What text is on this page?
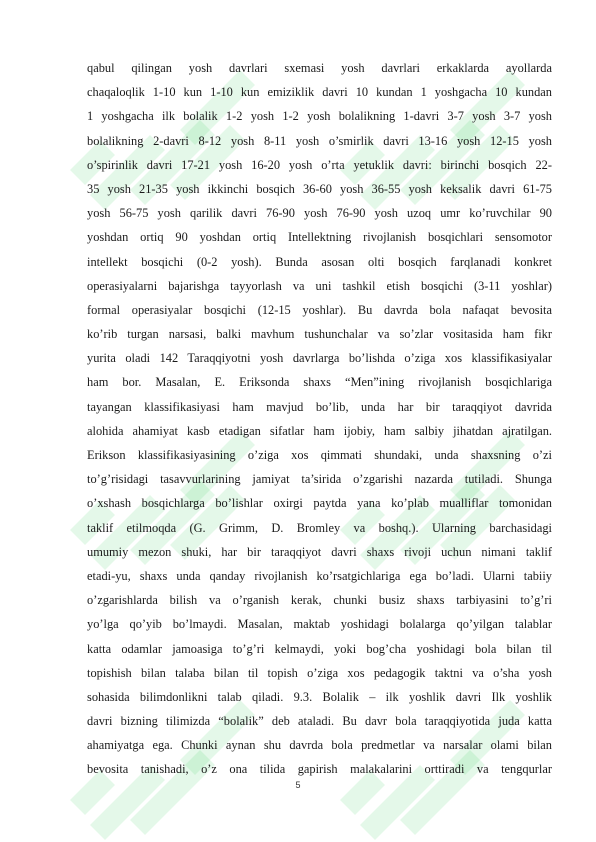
qabul qilingan yosh davrlari sxemasi yosh davrlari erkaklarda ayollarda
chaqaloqlik 1-10 kun 1-10 kun emiziklik davri 10 kundan 1 yoshgacha 10 kundan
1 yoshgacha ilk bolalik 1-2 yosh 1-2 yosh bolalikning 1-davri 3-7 yosh 3-7 yosh
bolalikning 2-davri 8-12 yosh 8-11 yosh o’smirlik davri 13-16 yosh 12-15 yosh
o’spirinlik davri 17-21 yosh 16-20 yosh o’rta yetuklik davri: birinchi bosqich 22-
35 yosh 21-35 yosh ikkinchi bosqich 36-60 yosh 36-55 yosh keksalik davri 61-75
yosh 56-75 yosh qarilik davri 76-90 yosh 76-90 yosh uzoq umr ko’ruvchilar 90
yoshdan ortiq 90 yoshdan ortiq Intellektning rivojlanish bosqichlari sensomotor
intellekt bosqichi (0-2 yosh). Bunda asosan olti bosqich farqlanadi konkret
operasiyalarni bajarishga tayyorlash va uni tashkil etish bosqichi (3-11 yoshlar)
formal operasiyalar bosqichi (12-15 yoshlar). Bu davrda bola nafaqat bevosita
ko’rib turgan narsasi, balki mavhum tushunchalar va so’zlar vositasida ham fikr
yurita oladi 142 Taraqqiyotni yosh davrlarga bo’lishda o’ziga xos klassifikasiyalar
ham bor. Masalan, E. Eriksonda shaxs “Men”ining rivojlanish bosqichlariga
tayangan klassifikasiyasi ham mavjud bo’lib, unda har bir taraqqiyot davrida
alohida ahamiyat kasb etadigan sifatlar ham ijobiy, ham salbiy jihatdan ajratilgan.
Erikson klassifikasiyasining o’ziga xos qimmati shundaki, unda shaxsning o’zi
to’g’risidagi tasavvurlarining jamiyat ta’sirida o’zgarishi nazarda tutiladi. Shunga
o’xshash bosqichlarga bo’lishlar oxirgi paytda yana ko’plab mualliflar tomonidan
taklif etilmoqda (G. Grimm, D. Bromley va boshq.). Ularning barchasidagi
umumiy mezon shuki, har bir taraqqiyot davri shaxs rivoji uchun nimani taklif
etadi-yu, shaxs unda qanday rivojlanish ko’rsatgichlariga ega bo’ladi. Ularni tabiiy
o’zgarishlarda bilish va o’rganish kerak, chunki busiz shaxs tarbiyasini to’g’ri
yo’lga qo’yib bo’lmaydi. Masalan, maktab yoshidagi bolalarga qo’yilgan talablar
katta odamlar jamoasiga to’g’ri kelmaydi, yoki bog’cha yoshidagi bola bilan til
topishish bilan talaba bilan til topish o’ziga xos pedagogik taktni va o’sha yosh
sohasida bilimdonlikni talab qiladi. 9.3. Bolalik – ilk yoshlik davri Ilk yoshlik
davri bizning tilimizda “bolalik” deb ataladi. Bu davr bola taraqqiyotida juda katta
ahamiyatga ega. Chunki aynan shu davrda bola predmetlar va narsalar olami bilan
bevosita tanishadi, o’z ona tilida gapirish malakalarini orttiradi va tengqurlar
5
